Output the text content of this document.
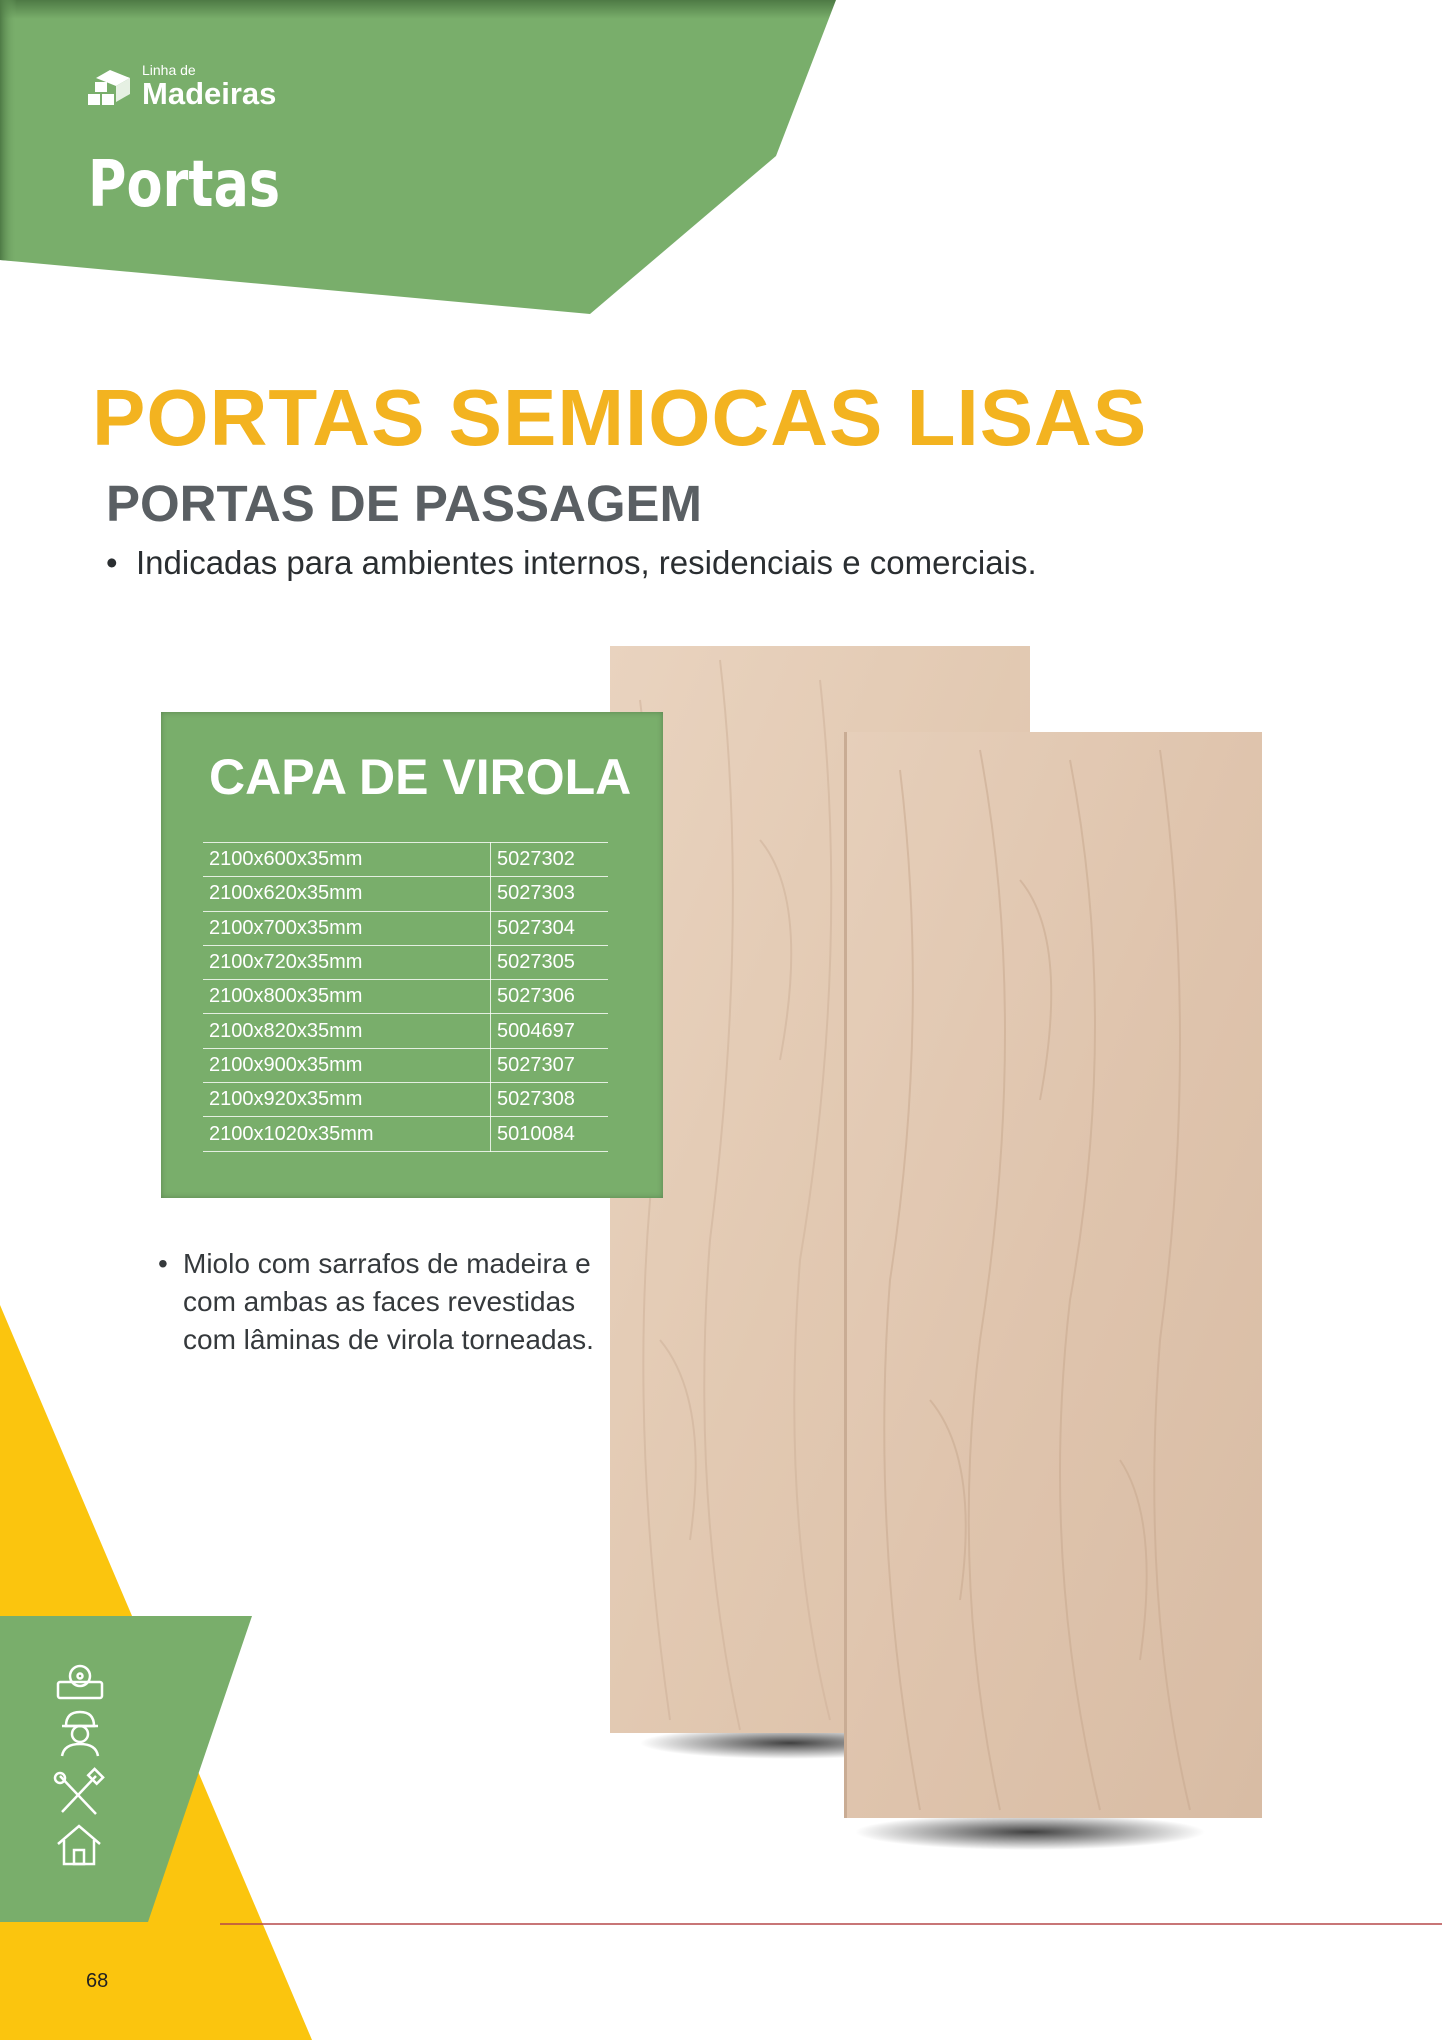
Linha de
Madeiras
Portas
PORTAS SEMIOCAS LISAS
PORTAS DE PASSAGEM
• Indicadas para ambientes internos, residenciais e comerciais.
CAPA DE VIROLA
2100x600x35mm	5027302
2100x620x35mm	5027303
2100x700x35mm	5027304
2100x720x35mm	5027305
2100x800x35mm	5027306
2100x820x35mm	5004697
2100x900x35mm	5027307
2100x920x35mm	5027308
2100x1020x35mm	5010084
• Miolo com sarrafos de madeira e com ambas as faces revestidas com lâminas de virola torneadas.
68
